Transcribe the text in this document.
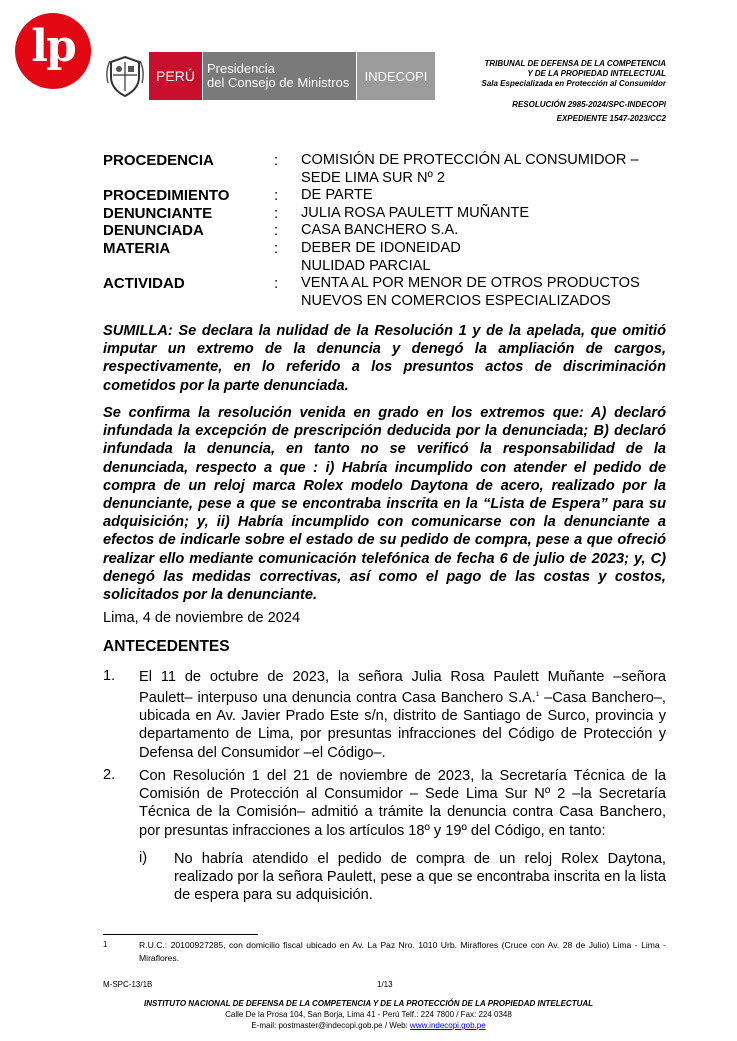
lp
PERÚ Presidencia
del Consejo de Ministros	INDECOPI
TRIBUNAL DE DEFENSA DE LA COMPETENCIA
Y DE LA PROPIEDAD INTELECTUAL
Sala Especializada en Protección al Consumidor
RESOLUCIÓN 2985-2024/SPC-INDECOPI
EXPEDIENTE 1547-2023/CC2
PROCEDENCIA	: COMISIÓN DE PROTECCIÓN AL CONSUMIDOR –
SEDE LIMA SUR Nº 2
PROCEDIMIENTO	: DE PARTE
DENUNCIANTE	: JULIA ROSA PAULETT MUÑANTE
DENUNCIADA	: CASA BANCHERO S.A.
MATERIA	: DEBER DE IDONEIDAD
NULIDAD PARCIAL
ACTIVIDAD	: VENTA AL POR MENOR DE OTROS PRODUCTOS
NUEVOS EN COMERCIOS ESPECIALIZADOS
SUMILLA: Se declara la nulidad de la Resolución 1 y de la apelada, que omitió imputar un extremo de la denuncia y denegó la ampliación de cargos, respectivamente, en lo referido a los presuntos actos de discriminación cometidos por la parte denunciada.
Se confirma la resolución venida en grado en los extremos que: A) declaró infundada la excepción de prescripción deducida por la denunciada; B) declaró infundada la denuncia, en tanto no se verificó la responsabilidad de la denunciada, respecto a que : i) Habría incumplido con atender el pedido de compra de un reloj marca Rolex modelo Daytona de acero, realizado por la denunciante, pese a que se encontraba inscrita en la “Lista de Espera” para su adquisición; y, ii) Habría incumplido con comunicarse con la denunciante a efectos de indicarle sobre el estado de su pedido de compra, pese a que ofreció realizar ello mediante comunicación telefónica de fecha 6 de julio de 2023; y, C) denegó las medidas correctivas, así como el pago de las costas y costos, solicitados por la denunciante.
Lima, 4 de noviembre de 2024
ANTECEDENTES
1. El 11 de octubre de 2023, la señora Julia Rosa Paulett Muñante –señora Paulett– interpuso una denuncia contra Casa Banchero S.A.$^1$ –Casa Banchero–, ubicada en Av. Javier Prado Este s/n, distrito de Santiago de Surco, provincia y departamento de Lima, por presuntas infracciones del Código de Protección y Defensa del Consumidor –el Código–.
2. Con Resolución 1 del 21 de noviembre de 2023, la Secretaría Técnica de la Comisión de Protección al Consumidor – Sede Lima Sur Nº 2 –la Secretaría Técnica de la Comisión– admitió a trámite la denuncia contra Casa Banchero, por presuntas infracciones a los artículos 18º y 19º del Código, en tanto:
i) No habría atendido el pedido de compra de un reloj Rolex Daytona, realizado por la señora Paulett, pese a que se encontraba inscrita en la lista de espera para su adquisición.
1	R.U.C.: 20100927285, con domicilio fiscal ubicado en Av. La Paz Nro. 1010 Urb. Miraflores (Cruce con Av. 28 de Julio) Lima - Lima - Miraflores.
M-SPC-13/1B	1/13
INSTITUTO NACIONAL DE DEFENSA DE LA COMPETENCIA Y DE LA PROTECCIÓN DE LA PROPIEDAD INTELECTUAL
Calle De la Prosa 104, San Borja, Lima 41 - Perú Telf.: 224 7800 / Fax: 224 0348
E-mail: postmaster@indecopi.gob.pe / Web: www.indecopi.gob.pe
